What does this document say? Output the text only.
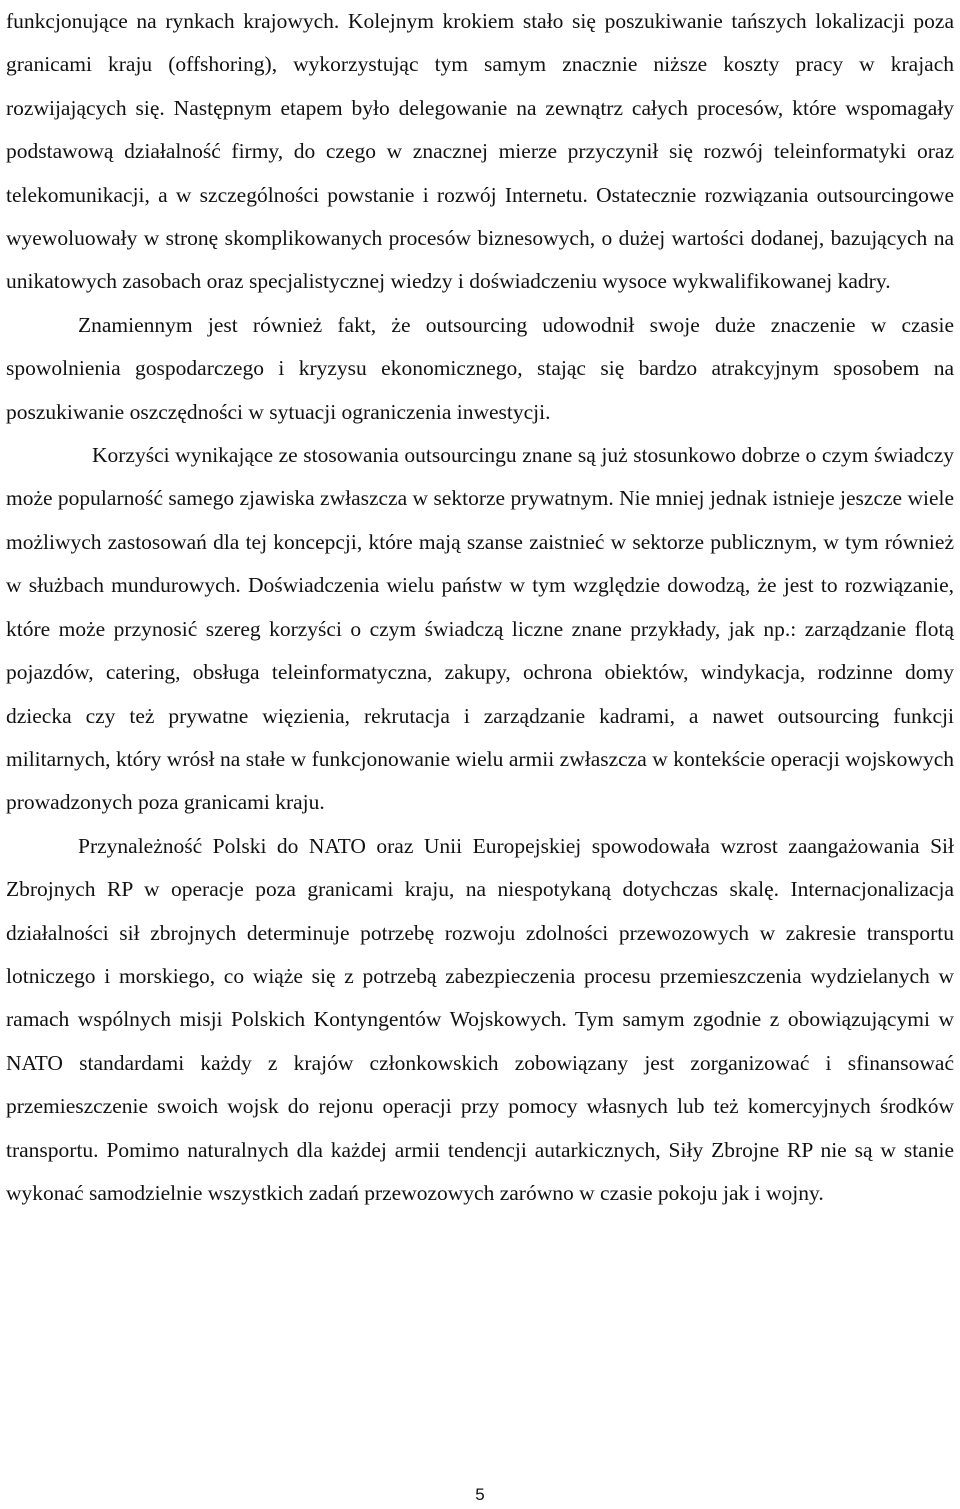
funkcjonujące na rynkach krajowych. Kolejnym krokiem stało się poszukiwanie tańszych lokalizacji poza granicami kraju (offshoring), wykorzystując tym samym znacznie niższe koszty pracy w krajach rozwijających się. Następnym etapem było delegowanie na zewnątrz całych procesów, które wspomagały podstawową działalność firmy, do czego w znacznej mierze przyczynił się rozwój teleinformatyki oraz telekomunikacji, a w szczególności powstanie i rozwój Internetu. Ostatecznie rozwiązania outsourcingowe wyewoluowały w stronę skomplikowanych procesów biznesowych, o dużej wartości dodanej, bazujących na unikatowych zasobach oraz specjalistycznej wiedzy i doświadczeniu wysoce wykwalifikowanej kadry.

Znamiennym jest również fakt, że outsourcing udowodnił swoje duże znaczenie w czasie spowolnienia gospodarczego i kryzysu ekonomicznego, stając się bardzo atrakcyjnym sposobem na poszukiwanie oszczędności w sytuacji ograniczenia inwestycji.

Korzyści wynikające ze stosowania outsourcingu znane są już stosunkowo dobrze o czym świadczy może popularność samego zjawiska zwłaszcza w sektorze prywatnym. Nie mniej jednak istnieje jeszcze wiele możliwych zastosowań dla tej koncepcji, które mają szanse zaistnieć w sektorze publicznym, w tym również w służbach mundurowych. Doświadczenia wielu państw w tym względzie dowodzą, że jest to rozwiązanie, które może przynosić szereg korzyści o czym świadczą liczne znane przykłady, jak np.: zarządzanie flotą pojazdów, catering, obsługa teleinformatyczna, zakupy, ochrona obiektów, windykacja, rodzinne domy dziecka czy też prywatne więzienia, rekrutacja i zarządzanie kadrami, a nawet outsourcing funkcji militarnych, który wrósł na stałe w funkcjonowanie wielu armii zwłaszcza w kontekście operacji wojskowych prowadzonych poza granicami kraju.

Przynależność Polski do NATO oraz Unii Europejskiej spowodowała wzrost zaangażowania Sił Zbrojnych RP w operacje poza granicami kraju, na niespotykaną dotychczas skalę. Internacjonalizacja działalności sił zbrojnych determinuje potrzebę rozwoju zdolności przewozowych w zakresie transportu lotniczego i morskiego, co wiąże się z potrzebą zabezpieczenia procesu przemieszczenia wydzielanych w ramach wspólnych misji Polskich Kontyngentów Wojskowych. Tym samym zgodnie z obowiązującymi w NATO standardami każdy z krajów członkowskich zobowiązany jest zorganizować i sfinansować przemieszczenie swoich wojsk do rejonu operacji przy pomocy własnych lub też komercyjnych środków transportu. Pomimo naturalnych dla każdej armii tendencji autarkicznych, Siły Zbrojne RP nie są w stanie wykonać samodzielnie wszystkich zadań przewozowych zarówno w czasie pokoju jak i wojny.

5
